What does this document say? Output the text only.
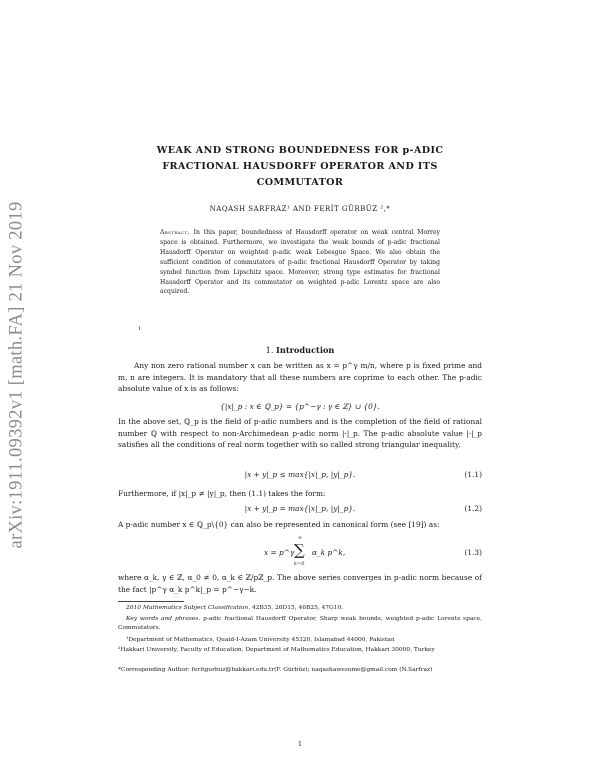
arXiv:1911.09392v1 [math.FA] 21 Nov 2019
WEAK AND STRONG BOUNDEDNESS FOR p-ADIC
FRACTIONAL HAUSDORFF OPERATOR AND ITS
COMMUTATOR
NAQASH SARFRAZ¹ AND FERİT GÜRBÜZ ²,*
Abstract. In this paper, boundedness of Hausdorff operator on weak central Morrey space is obtained. Furthermore, we investigate the weak bounds of p-adic fractional Hausdorff Operator on weighted p-adic weak Lebesgue Space. We also obtain the sufficient condition of commutators of p-adic fractional Hausdorff Operator by taking symbol function from Lipschitz space. Moreover, strong type estimates for fractional Hausdorff Operator and its commutator on weighted p-adic Lorentz space are also acquired.
1
1. Introduction
Any non zero rational number x can be written as x = p^γ m/n, where p is fixed prime and m, n are integers. It is mandatory that all these numbers are coprime to each other. The p-adic absolute value of x is as follows:
{|x|_p : x ∈ ℚ_p} = {p^−γ : γ ∈ ℤ} ∪ {0}.
In the above set, ℚ_p is the field of p-adic numbers and is the completion of the field of rational number ℚ with respect to non-Archimedean p-adic norm |·|_p. The p-adic absolute value |·|_p satisfies all the conditions of real norm together with so called strong triangular inequality,
|x + y|_p ≤ max{|x|_p, |y|_p}.	(1.1)
Furthermore, if |x|_p ≠ |y|_p, then (1.1) takes the form:
|x + y|_p = max{|x|_p, |y|_p}.	(1.2)
A p-adic number x ∈ ℚ_p\{0} can also be represented in canonical form (see [19]) as:
x = p^γ
∞
∑
k=0
α_k p^k,	(1.3)
where α_k, γ ∈ ℤ, α_0 ≠ 0, α_k ∈ ℤ/pℤ_p. The above series converges in p-adic norm because of the fact |p^γ α_k p^k|_p = p^−γ−k.
2010 Mathematics Subject Classification. 42B35, 26D15, 46B25, 47G10.
Key words and phrases. p-adic fractional Hausdorff Operator, Sharp weak bounds, weighted p-adic Lorentz space, Commutators.
¹Department of Mathematics, Quaid-I-Azam University 45320, Islamabad 44000, Pakistan
²Hakkari University, Faculty of Education, Department of Mathematics Education, Hakkari 30000, Turkey
*Corresponding Author: feritgurbuz@hakkari.edu.tr(F. Gürbüz); naqashawesome@gmail.com (N.Sarfraz)
1
